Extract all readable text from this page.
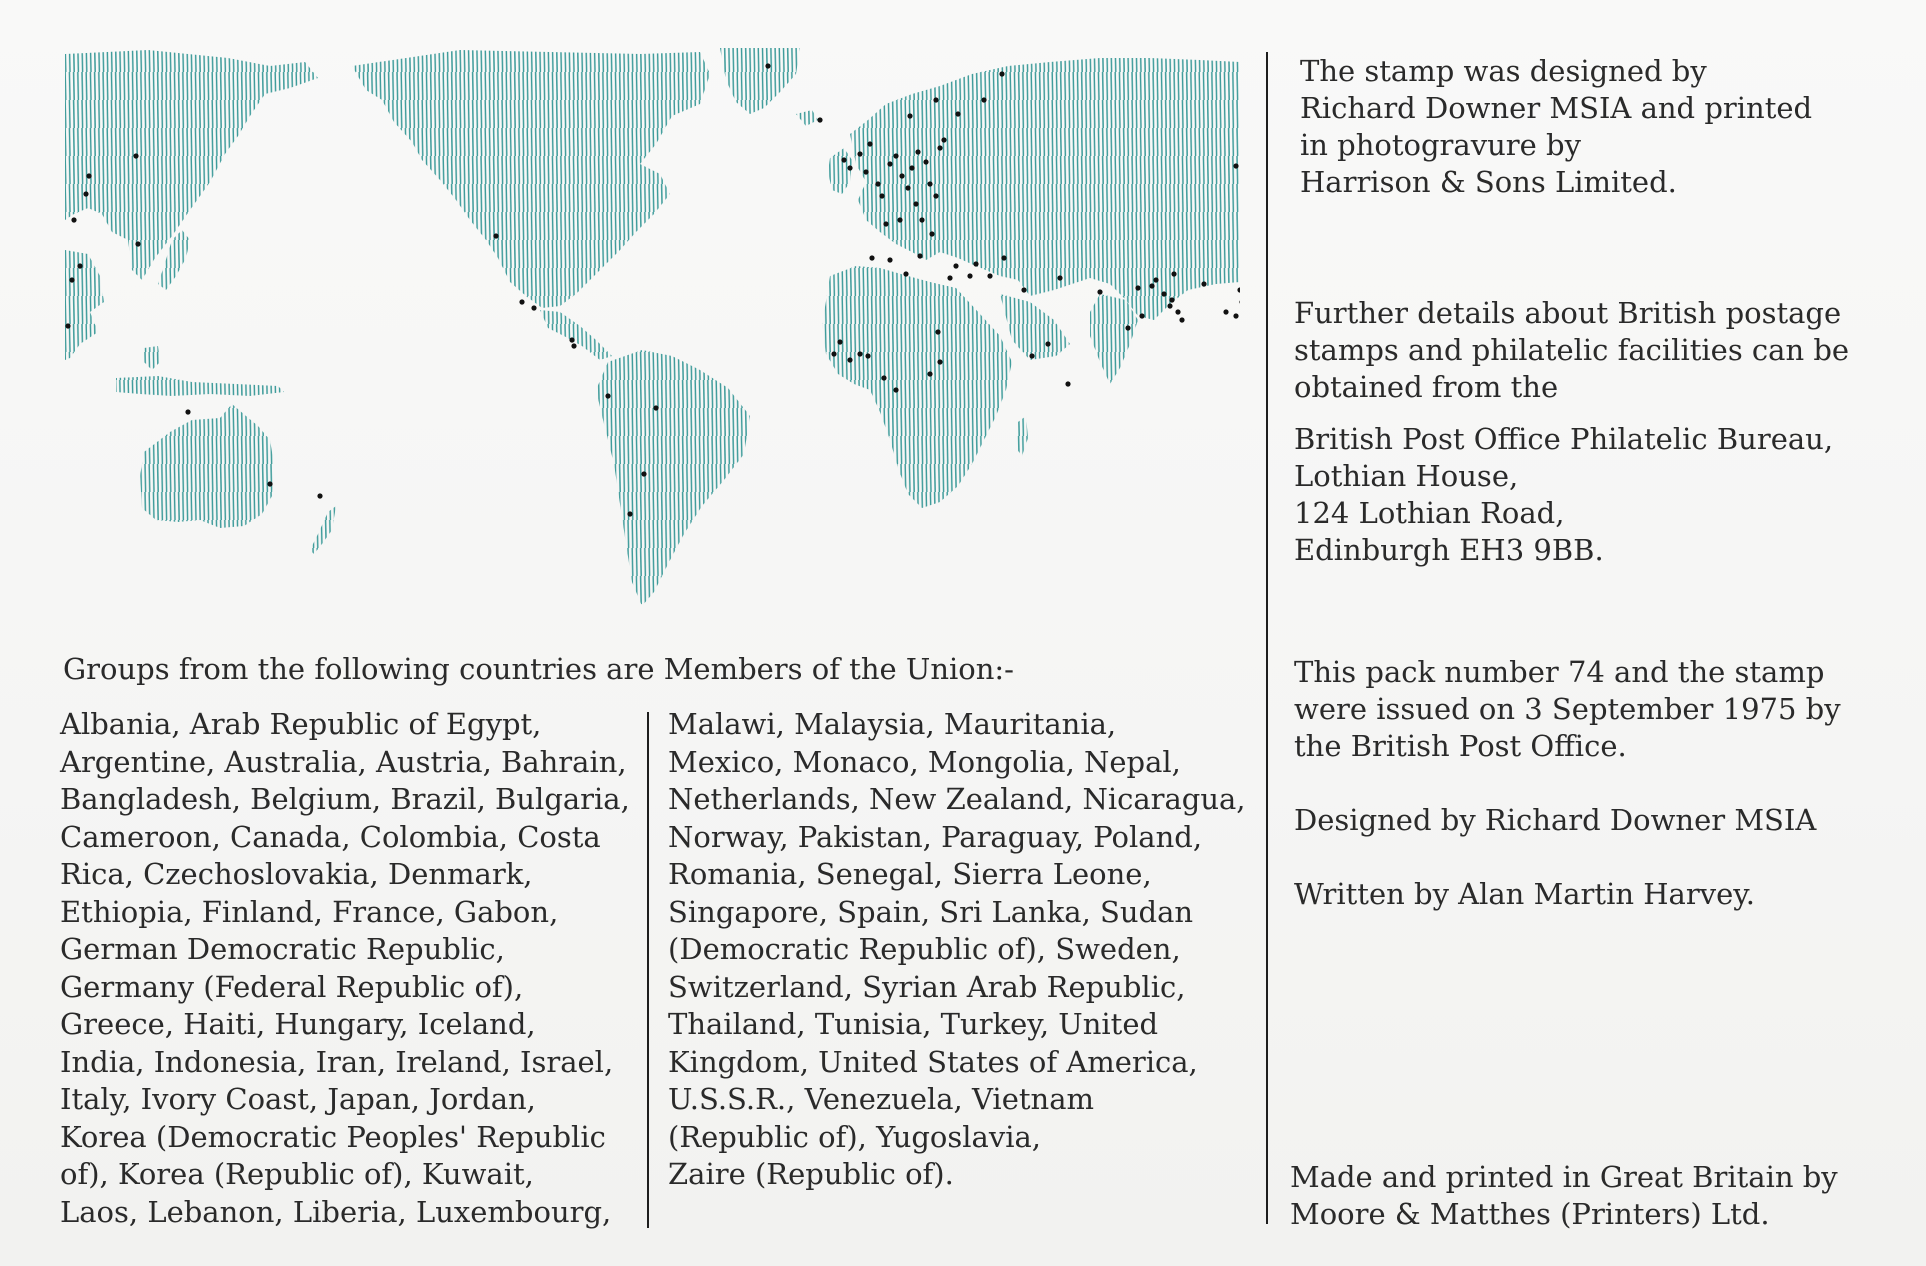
Groups from the following countries are Members of the Union:-
Albania, Arab Republic of Egypt,
Argentine, Australia, Austria, Bahrain,
Bangladesh, Belgium, Brazil, Bulgaria,
Cameroon, Canada, Colombia, Costa
Rica, Czechoslovakia, Denmark,
Ethiopia, Finland, France, Gabon,
German Democratic Republic,
Germany (Federal Republic of),
Greece, Haiti, Hungary, Iceland,
India, Indonesia, Iran, Ireland, Israel,
Italy, Ivory Coast, Japan, Jordan,
Korea (Democratic Peoples' Republic
of), Korea (Republic of), Kuwait,
Laos, Lebanon, Liberia, Luxembourg,
Malawi, Malaysia, Mauritania,
Mexico, Monaco, Mongolia, Nepal,
Netherlands, New Zealand, Nicaragua,
Norway, Pakistan, Paraguay, Poland,
Romania, Senegal, Sierra Leone,
Singapore, Spain, Sri Lanka, Sudan
(Democratic Republic of), Sweden,
Switzerland, Syrian Arab Republic,
Thailand, Tunisia, Turkey, United
Kingdom, United States of America,
U.S.S.R., Venezuela, Vietnam
(Republic of), Yugoslavia,
Zaire (Republic of).
The stamp was designed by
Richard Downer MSIA and printed
in photogravure by
Harrison & Sons Limited.
Further details about British postage
stamps and philatelic facilities can be
obtained from the
British Post Office Philatelic Bureau,
Lothian House,
124 Lothian Road,
Edinburgh EH3 9BB.
This pack number 74 and the stamp
were issued on 3 September 1975 by
the British Post Office.
Designed by Richard Downer MSIA
Written by Alan Martin Harvey.
Made and printed in Great Britain by
Moore & Matthes (Printers) Ltd.
